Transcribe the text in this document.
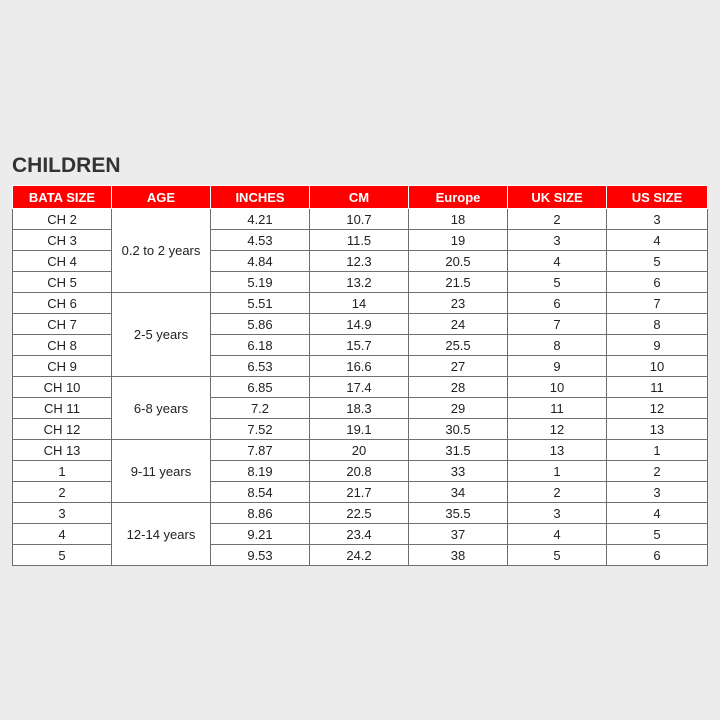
CHILDREN
BATA SIZE	AGE	INCHES	CM	Europe	UK SIZE	US SIZE
CH 2	0.2 to 2 years	4.21	10.7	18	2	3
CH 3		4.53	11.5	19	3	4
CH 4		4.84	12.3	20.5	4	5
CH 5		5.19	13.2	21.5	5	6
CH 6	2-5 years	5.51	14	23	6	7
CH 7		5.86	14.9	24	7	8
CH 8		6.18	15.7	25.5	8	9
CH 9		6.53	16.6	27	9	10
CH 10	6-8 years	6.85	17.4	28	10	11
CH 11		7.2	18.3	29	11	12
CH 12		7.52	19.1	30.5	12	13
CH 13	9-11 years	7.87	20	31.5	13	1
1		8.19	20.8	33	1	2
2		8.54	21.7	34	2	3
3	12-14 years	8.86	22.5	35.5	3	4
4		9.21	23.4	37	4	5
5		9.53	24.2	38	5	6
